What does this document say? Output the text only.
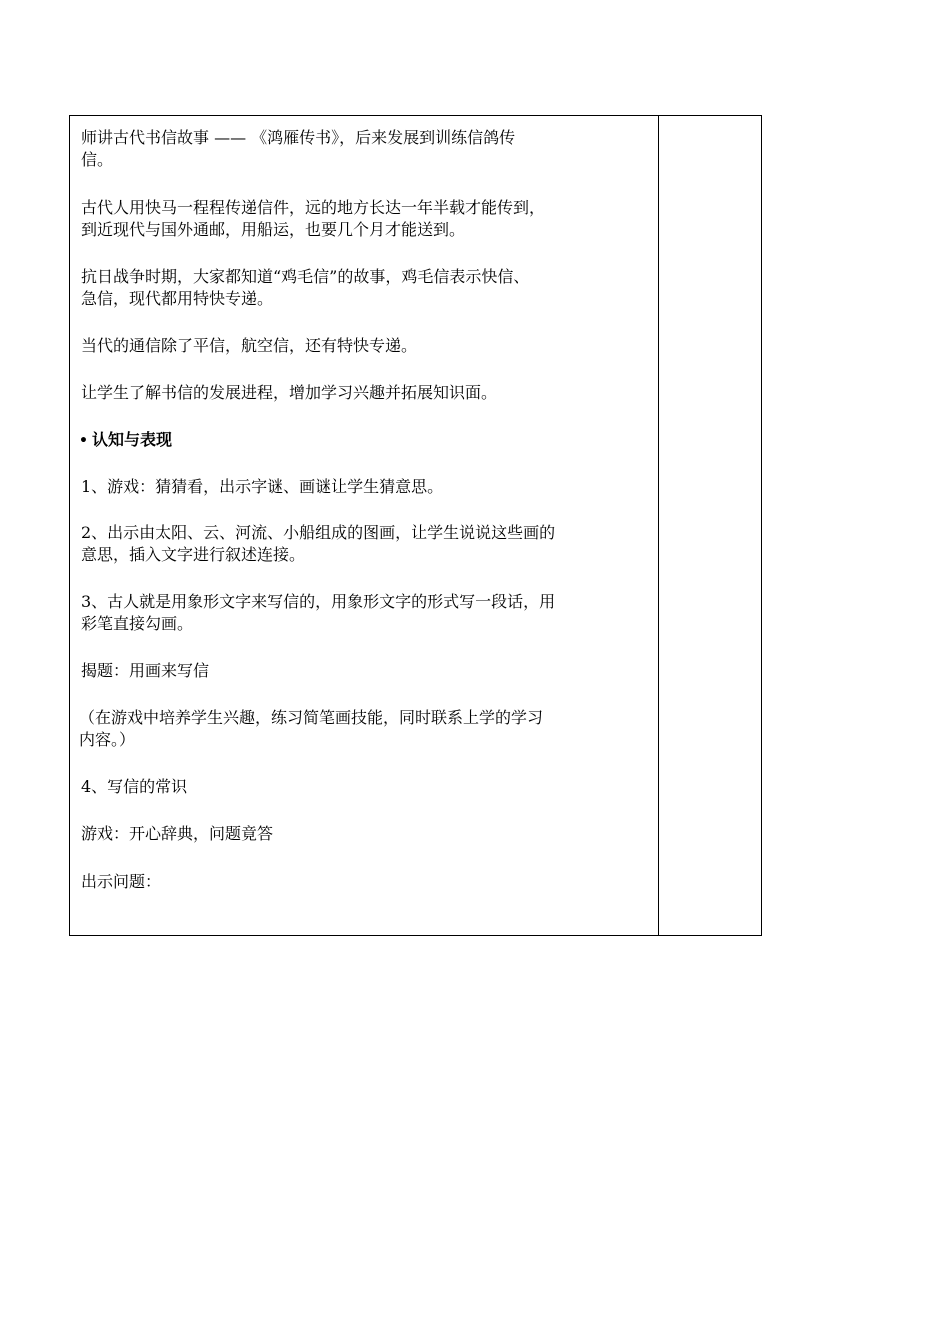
师讲古代书信故事 —— 《鸿雁传书》，后来发展到训练信鸽传
信。

古代人用快马一程程传递信件，远的地方长达一年半载才能传到，
到近现代与国外通邮，用船运，也要几个月才能送到。

抗日战争时期，大家都知道“鸡毛信”的故事，鸡毛信表示快信、
急信，现代都用特快专递。

当代的通信除了平信，航空信，还有特快专递。

让学生了解书信的发展进程，增加学习兴趣并拓展知识面。

• 认知与表现

1、游戏：猜猜看，出示字谜、画谜让学生猜意思。

2、出示由太阳、云、河流、小船组成的图画，让学生说说这些画的
意思，插入文字进行叙述连接。

3、古人就是用象形文字来写信的，用象形文字的形式写一段话，用
彩笔直接勾画。

揭题：用画来写信

（在游戏中培养学生兴趣，练习简笔画技能，同时联系上学的学习
内容。）

4、写信的常识

游戏：开心辞典，问题竟答

出示问题：
